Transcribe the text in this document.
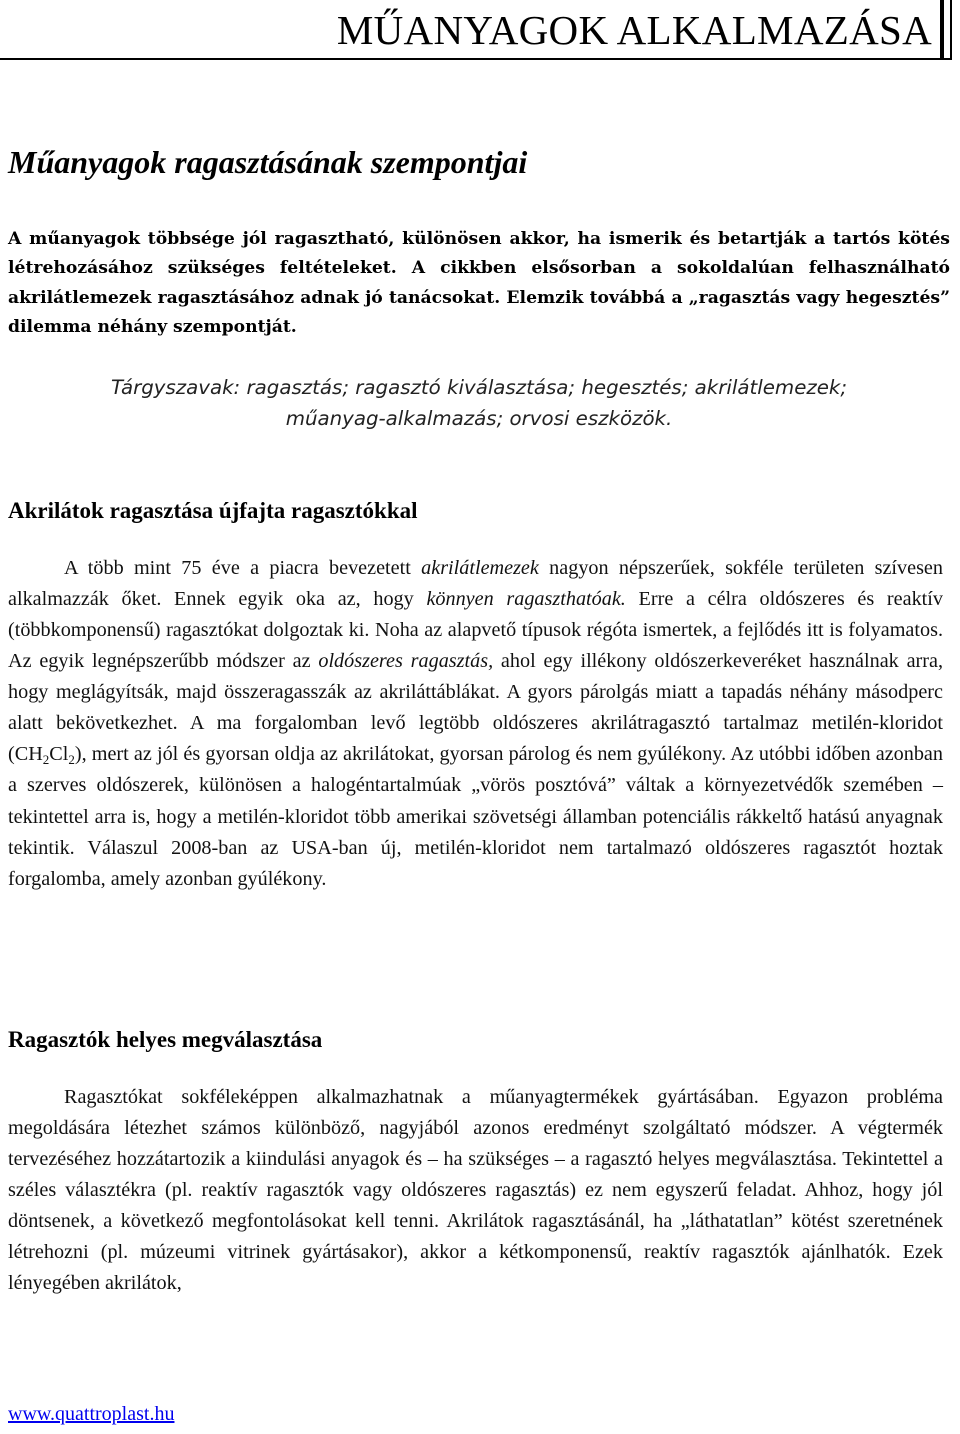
MŰANYAGOK ALKALMAZÁSA
Műanyagok ragasztásának szempontjai

A műanyagok többsége jól ragasztható, különösen akkor, ha ismerik és betartják a tartós kötés létrehozásához szükséges feltételeket. A cikkben elsősorban a sokoldalúan felhasználható akrilátlemezek ragasztásához adnak jó tanácsokat. Elemzik továbbá a „ragasztás vagy hegesztés” dilemma néhány szempontját.

Tárgyszavak: ragasztás; ragasztó kiválasztása; hegesztés; akrilátlemezek;
műanyag-alkalmazás; orvosi eszközök.

Akrilátok ragasztása újfajta ragasztókkal

A több mint 75 éve a piacra bevezetett akrilátlemezek nagyon népszerűek, sokféle területen szívesen alkalmazzák őket. Ennek egyik oka az, hogy könnyen ragaszthatóak. Erre a célra oldószeres és reaktív (többkomponensű) ragasztókat dolgoztak ki. Noha az alapvető típusok régóta ismertek, a fejlődés itt is folyamatos. Az egyik legnépszerűbb módszer az oldószeres ragasztás, ahol egy illékony oldószerkeveréket használnak arra, hogy meglágyítsák, majd összeragasszák az akriláttáblákat. A gyors párolgás miatt a tapadás néhány másodperc alatt bekövetkezhet. A ma forgalomban levő legtöbb oldószeres akrilátragasztó tartalmaz metilén-kloridot $(CH_2Cl_2)$, mert az jól és gyorsan oldja az akrilátokat, gyorsan párolog és nem gyúlékony. Az utóbbi időben azonban a szerves oldószerek, különösen a halogéntartalmúak „vörös posztóvá” váltak a környezetvédők szemében – tekintettel arra is, hogy a metilén-kloridot több amerikai szövetségi államban potenciális rákkeltő hatású anyagnak tekintik. Válaszul 2008-ban az USA-ban új, metilén-kloridot nem tartalmazó oldószeres ragasztót hoztak forgalomba, amely azonban gyúlékony.

Ragasztók helyes megválasztása

Ragasztókat sokféleképpen alkalmazhatnak a műanyagtermékek gyártásában. Egyazon probléma megoldására létezhet számos különböző, nagyjából azonos eredményt szolgáltató módszer. A végtermék tervezéséhez hozzátartozik a kiindulási anyagok és – ha szükséges – a ragasztó helyes megválasztása. Tekintettel a széles választékra (pl. reaktív ragasztók vagy oldószeres ragasztás) ez nem egyszerű feladat. Ahhoz, hogy jól döntsenek, a következő megfontolásokat kell tenni. Akrilátok ragasztásánál, ha „láthatatlan” kötést szeretnének létrehozni (pl. múzeumi vitrinek gyártásakor), akkor a kétkomponensű, reaktív ragasztók ajánlhatók. Ezek lényegében akrilátok,

www.quattroplast.hu
